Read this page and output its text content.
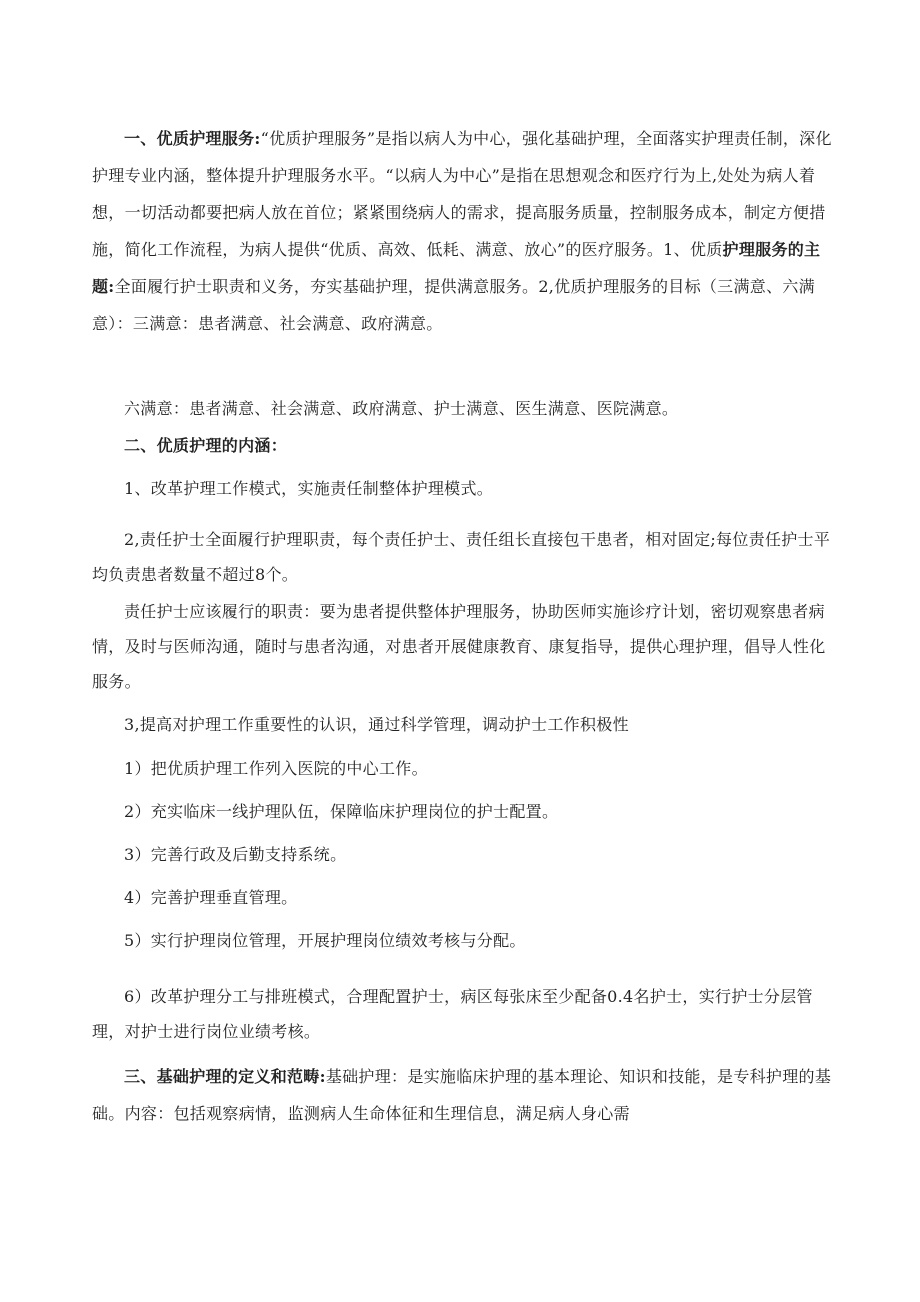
一、优质护理服务:“优质护理服务”是指以病人为中心，强化基础护理，全面落实护理责任制，深化护理专业内涵，整体提升护理服务水平。“以病人为中心”是指在思想观念和医疗行为上,处处为病人着想，一切活动都要把病人放在首位；紧紧围绕病人的需求，提高服务质量，控制服务成本，制定方便措施，简化工作流程，为病人提供“优质、高效、低耗、满意、放心”的医疗服务。1、优质护理服务的主题:全面履行护士职责和义务，夯实基础护理，提供满意服务。2,优质护理服务的目标（三满意、六满意）：三满意：患者满意、社会满意、政府满意。

六满意：患者满意、社会满意、政府满意、护士满意、医生满意、医院满意。

二、优质护理的内涵：

1、改革护理工作模式，实施责任制整体护理模式。

2,责任护士全面履行护理职责，每个责任护士、责任组长直接包干患者，相对固定;每位责任护士平均负责患者数量不超过8个。

责任护士应该履行的职责：要为患者提供整体护理服务，协助医师实施诊疗计划，密切观察患者病情，及时与医师沟通，随时与患者沟通，对患者开展健康教育、康复指导，提供心理护理，倡导人性化服务。

3,提高对护理工作重要性的认识，通过科学管理，调动护士工作积极性

1）把优质护理工作列入医院的中心工作。

2）充实临床一线护理队伍，保障临床护理岗位的护士配置。

3）完善行政及后勤支持系统。

4）完善护理垂直管理。

5）实行护理岗位管理，开展护理岗位绩效考核与分配。

6）改革护理分工与排班模式，合理配置护士，病区每张床至少配备0.4名护士，实行护士分层管理，对护士进行岗位业绩考核。

三、基础护理的定义和范畴:基础护理：是实施临床护理的基本理论、知识和技能，是专科护理的基础。内容：包括观察病情，监测病人生命体征和生理信息，满足病人身心需
